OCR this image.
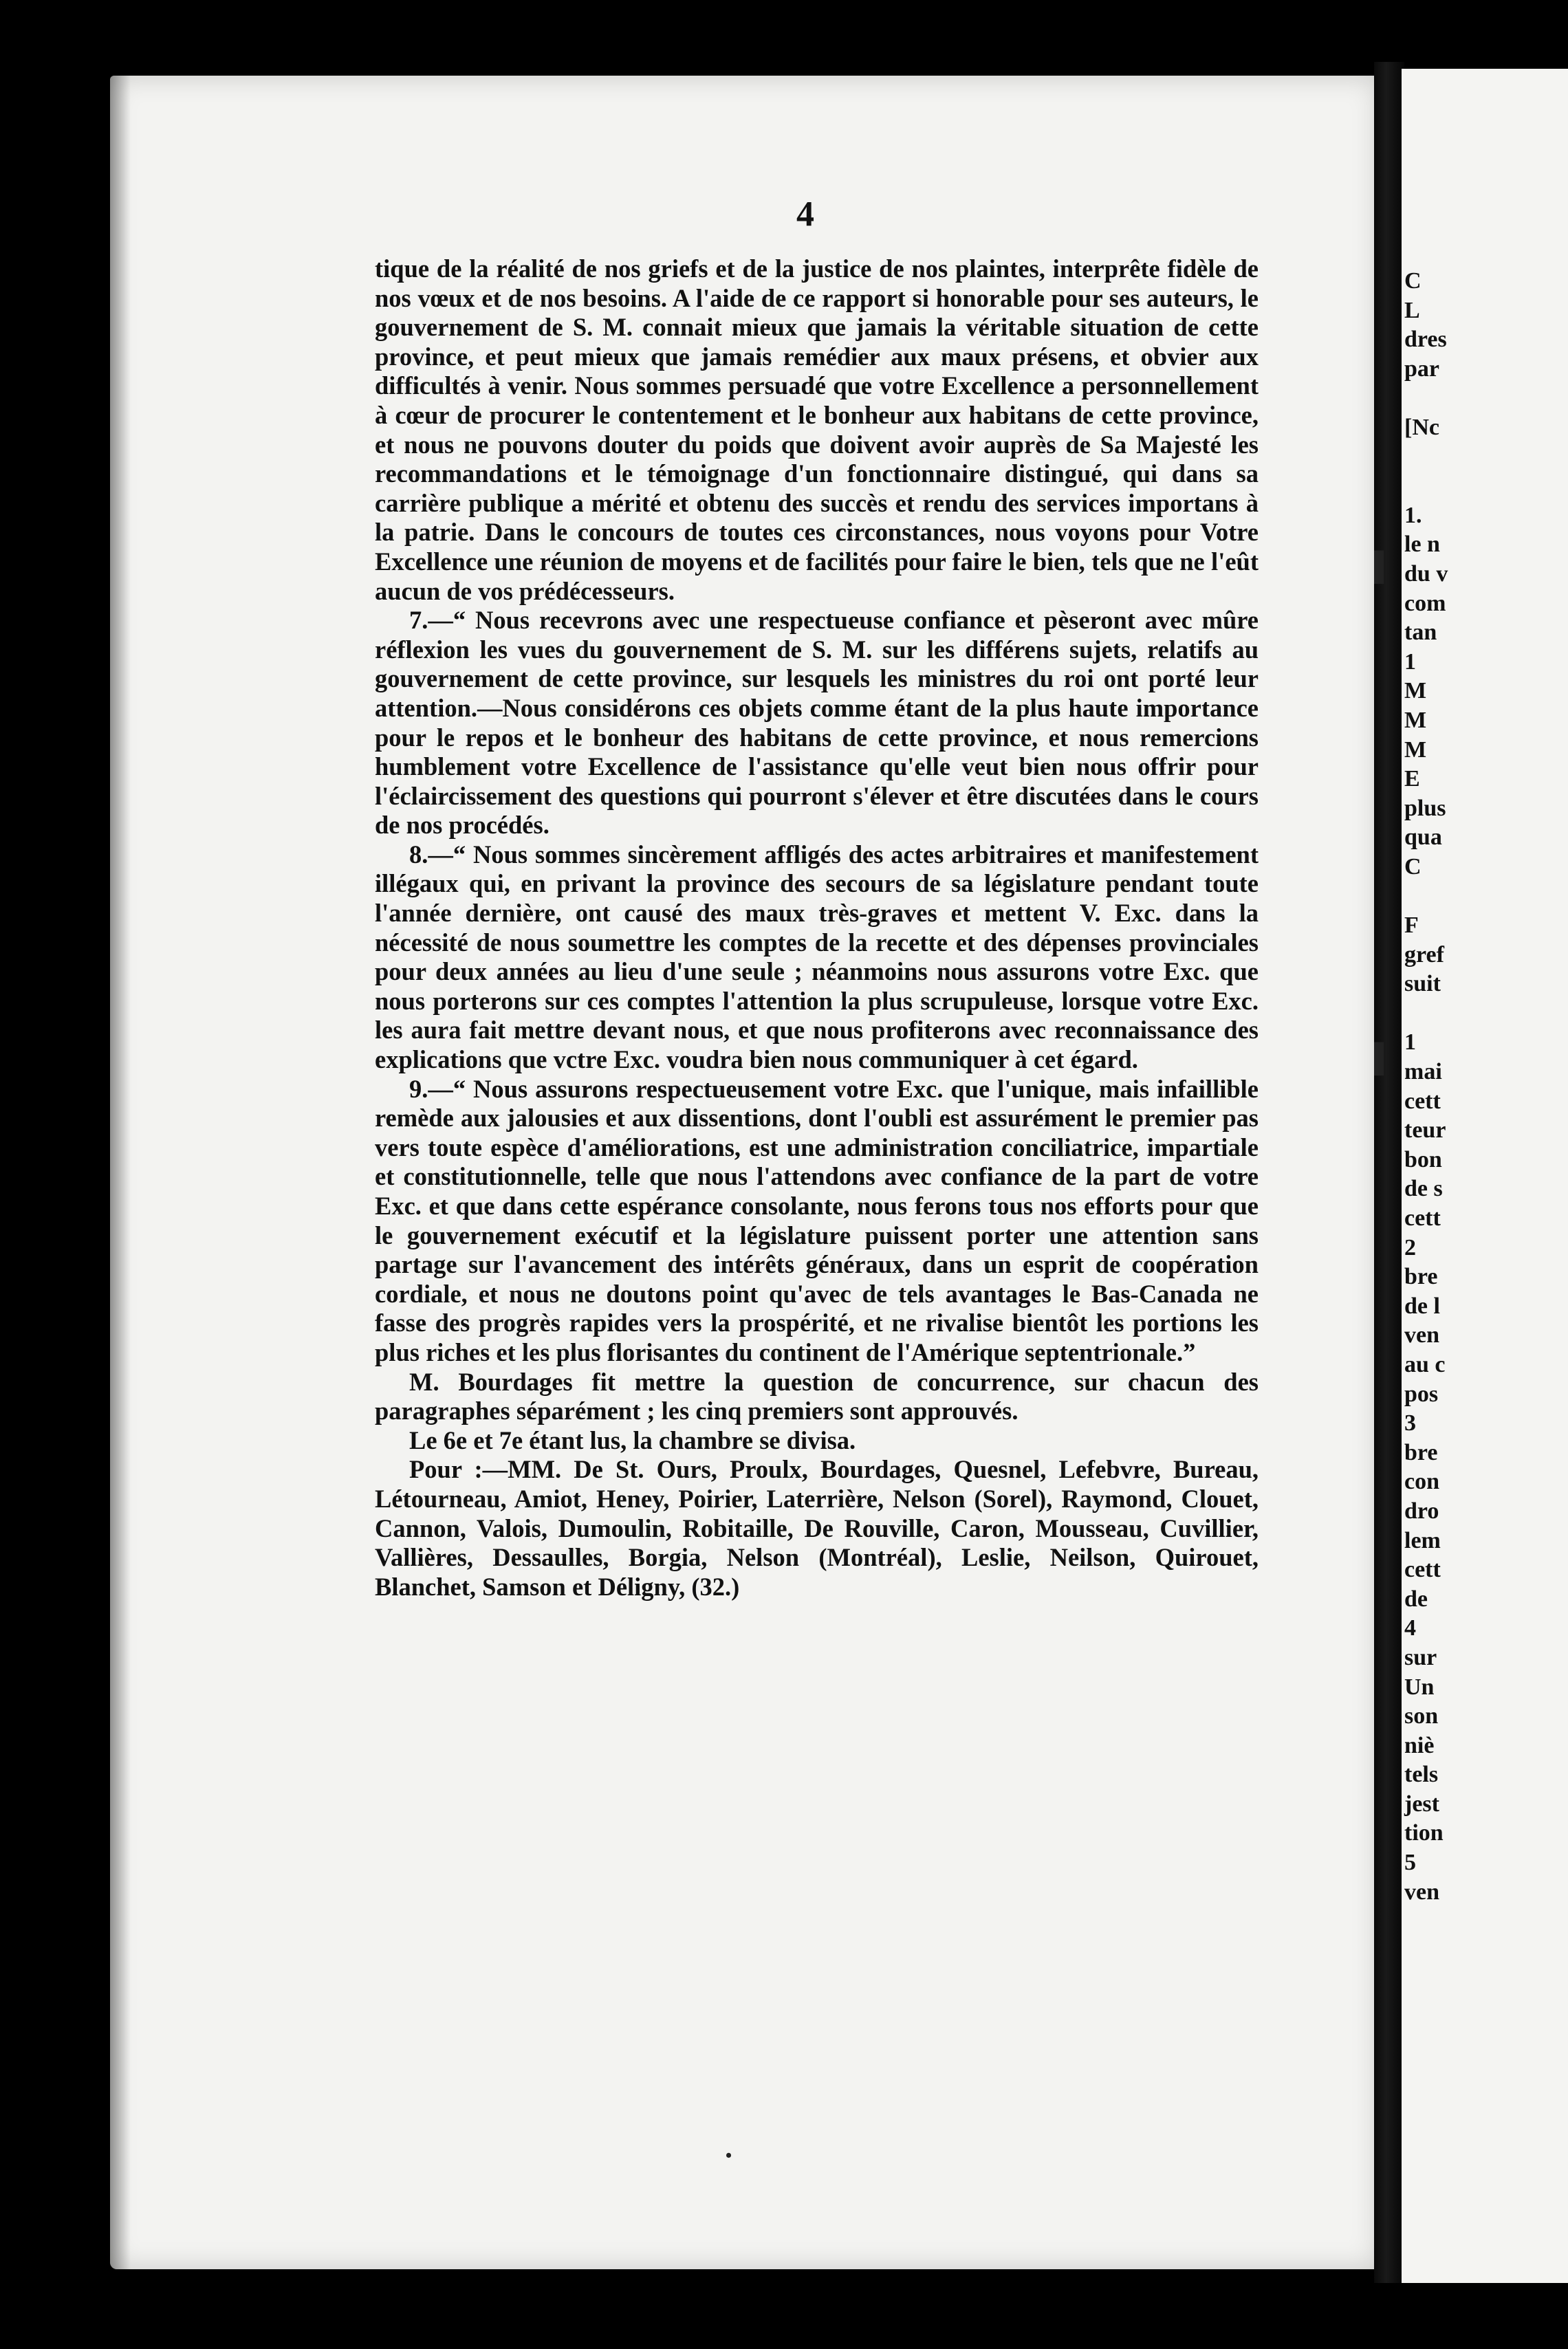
4

tique de la réalité de nos griefs et de la justice de nos plaintes, interprête fidèle de nos vœux et de nos besoins. A l'aide de ce rapport si honorable pour ses auteurs, le gouvernement de S. M. connait mieux que jamais la véritable situation de cette province, et peut mieux que jamais remédier aux maux présens, et obvier aux difficultés à venir. Nous sommes persuadé que votre Excellence a personnellement à cœur de procurer le contentement et le bonheur aux habitans de cette province, et nous ne pouvons douter du poids que doivent avoir auprès de Sa Majesté les recommandations et le témoignage d'un fonctionnaire distingué, qui dans sa carrière publique a mérité et obtenu des succès et rendu des services importans à la patrie. Dans le concours de toutes ces circonstances, nous voyons pour Votre Excellence une réunion de moyens et de facilités pour faire le bien, tels que ne l'eût aucun de vos prédécesseurs.

7.—“ Nous recevrons avec une respectueuse confiance et pèseront avec mûre réflexion les vues du gouvernement de S. M. sur les différens sujets, relatifs au gouvernement de cette province, sur lesquels les ministres du roi ont porté leur attention.—Nous considérons ces objets comme étant de la plus haute importance pour le repos et le bonheur des habitans de cette province, et nous remercions humblement votre Excellence de l'assistance qu'elle veut bien nous offrir pour l'éclaircissement des questions qui pourront s'élever et être discutées dans le cours de nos procédés.

8.—“ Nous sommes sincèrement affligés des actes arbitraires et manifestement illégaux qui, en privant la province des secours de sa législature pendant toute l'année dernière, ont causé des maux très-graves et mettent V. Exc. dans la nécessité de nous soumettre les comptes de la recette et des dépenses provinciales pour deux années au lieu d'une seule ; néanmoins nous assurons votre Exc. que nous porterons sur ces comptes l'attention la plus scrupuleuse, lorsque votre Exc. les aura fait mettre devant nous, et que nous profiterons avec reconnaissance des explications que vctre Exc. voudra bien nous communiquer à cet égard.

9.—“ Nous assurons respectueusement votre Exc. que l'unique, mais infaillible remède aux jalousies et aux dissentions, dont l'oubli est assurément le premier pas vers toute espèce d'améliorations, est une administration conciliatrice, impartiale et constitutionnelle, telle que nous l'attendons avec confiance de la part de votre Exc. et que dans cette espérance consolante, nous ferons tous nos efforts pour que le gouvernement exécutif et la législature puissent porter une attention sans partage sur l'avancement des intérêts généraux, dans un esprit de coopération cordiale, et nous ne doutons point qu'avec de tels avantages le Bas-Canada ne fasse des progrès rapides vers la prospérité, et ne rivalise bientôt les portions les plus riches et les plus florisantes du continent de l'Amérique septentrionale.”

M. Bourdages fit mettre la question de concurrence, sur chacun des paragraphes séparément ; les cinq premiers sont approuvés.

Le 6e et 7e étant lus, la chambre se divisa.

Pour :—MM. De St. Ours, Proulx, Bourdages, Quesnel, Lefebvre, Bureau, Létourneau, Amiot, Heney, Poirier, Laterrière, Nelson (Sorel), Raymond, Clouet, Cannon, Valois, Dumoulin, Robitaille, De Rouville, Caron, Mousseau, Cuvillier, Vallières, Dessaulles, Borgia, Nelson (Montréal), Leslie, Neilson, Quirouet, Blanchet, Samson et Déligny, (32.)

C
L
dres
par
[Nc
1.
le n
du v
com
tan
1
M
M
M
E
plus
qua
C
F
gref
suit
1
mai
cett
teur
bon
de s
cett
2
bre
de l
ven
au c
pos
3
bre
con
dro
lem
cett
de
4
sur
Un
son
niè
tels
jest
tion
5
ven
▌
▌
•
